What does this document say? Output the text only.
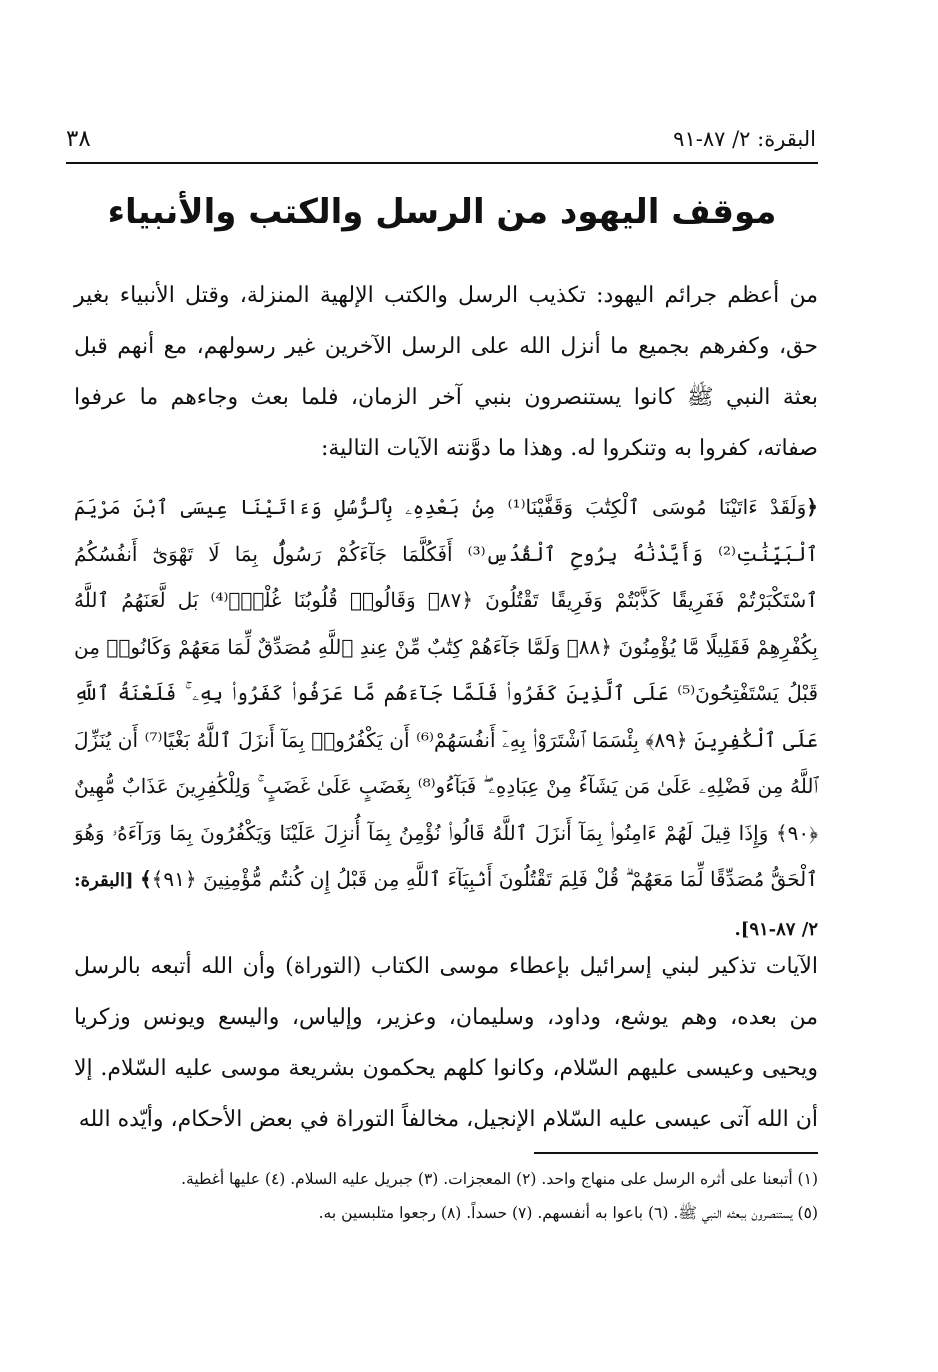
البقرة: ٢/ ٨٧-٩١
٣٨
موقف اليهود من الرسل والكتب والأنبياء

من أعظم جرائم اليهود: تكذيب الرسل والكتب الإلهية المنزلة، وقتل الأنبياء بغير حق، وكفرهم بجميع ما أنزل الله على الرسل الآخرين غير رسولهم، مع أنهم قبل بعثة النبي ﷺ كانوا يستنصرون بنبي آخر الزمان، فلما بعث وجاءهم ما عرفوا صفاته، كفروا به وتنكروا له. وهذا ما دوَّنته الآيات التالية:

﴿وَلَقَدْ ءَاتَيْنَا مُوسَى ٱلْكِتَٰبَ وَقَفَّيْنَا⁽¹⁾ مِنۢ بَعْدِهِۦ بِٱلرُّسُلِ وَءَاتَيْنَا عِيسَى ٱبْنَ مَرْيَمَ ٱلْبَيِّنَٰتِ⁽²⁾ وَأَيَّدْنَٰهُ بِرُوحِ ٱلْقُدُسِ⁽³⁾ أَفَكُلَّمَا جَآءَكُمْ رَسُولٌۢ بِمَا لَا تَهْوَىٰٓ أَنفُسُكُمُ ٱسْتَكْبَرْتُمْ فَفَرِيقًا كَذَّبْتُمْ وَفَرِيقًا تَقْتُلُونَ ﴿٨٧﴾ وَقَالُوا۟ قُلُوبُنَا غُلْفٌۢ⁽⁴⁾ بَل لَّعَنَهُمُ ٱللَّهُ بِكُفْرِهِمْ فَقَلِيلًا مَّا يُؤْمِنُونَ ﴿٨٨﴾ وَلَمَّا جَآءَهُمْ كِتَٰبٌ مِّنْ عِندِ ٱللَّهِ مُصَدِّقٌ لِّمَا مَعَهُمْ وَكَانُوا۟ مِن قَبْلُ يَسْتَفْتِحُونَ⁽⁵⁾ عَلَى ٱلَّذِينَ كَفَرُوا۟ فَلَمَّا جَآءَهُم مَّا عَرَفُوا۟ كَفَرُوا۟ بِهِۦ ۚ فَلَعْنَةُ ٱللَّهِ عَلَى ٱلْكَٰفِرِينَ ﴿٨٩﴾ بِئْسَمَا ٱشْتَرَوْا۟ بِهِۦٓ أَنفُسَهُمْ⁽⁶⁾ أَن يَكْفُرُوا۟ بِمَآ أَنزَلَ ٱللَّهُ بَغْيًا⁽⁷⁾ أَن يُنَزِّلَ ٱللَّهُ مِن فَضْلِهِۦ عَلَىٰ مَن يَشَآءُ مِنْ عِبَادِهِۦ ۖ فَبَآءُو⁽⁸⁾ بِغَضَبٍ عَلَىٰ غَضَبٍ ۚ وَلِلْكَٰفِرِينَ عَذَابٌ مُّهِينٌ ﴿٩٠﴾ وَإِذَا قِيلَ لَهُمْ ءَامِنُوا۟ بِمَآ أَنزَلَ ٱللَّهُ قَالُوا۟ نُؤْمِنُ بِمَآ أُنزِلَ عَلَيْنَا وَيَكْفُرُونَ بِمَا وَرَآءَهُۥ وَهُوَ ٱلْحَقُّ مُصَدِّقًا لِّمَا مَعَهُمْ ۗ قُلْ فَلِمَ تَقْتُلُونَ أَنۢبِيَآءَ ٱللَّهِ مِن قَبْلُ إِن كُنتُم مُّؤْمِنِينَ ﴿٩١﴾﴾ [البقرة: ٢/ ٨٧-٩١].

الآيات تذكير لبني إسرائيل بإعطاء موسى الكتاب (التوراة) وأن الله أتبعه بالرسل من بعده، وهم يوشع، وداود، وسليمان، وعزير، وإلياس، واليسع ويونس وزكريا ويحيى وعيسى عليهم السّلام، وكانوا كلهم يحكمون بشريعة موسى عليه السّلام. إلا أن الله آتى عيسى عليه السّلام الإنجيل، مخالفاً التوراة في بعض الأحكام، وأيّده الله

(١) أتبعنا على أثره الرسل على منهاج واحد. (٢) المعجزات. (٣) جبريل عليه السلام. (٤) عليها أغطية.
(٥) يستنصرون ببعثه النبي ﷺ. (٦) باعوا به أنفسهم. (٧) حسداً. (٨) رجعوا متلبسين به.
